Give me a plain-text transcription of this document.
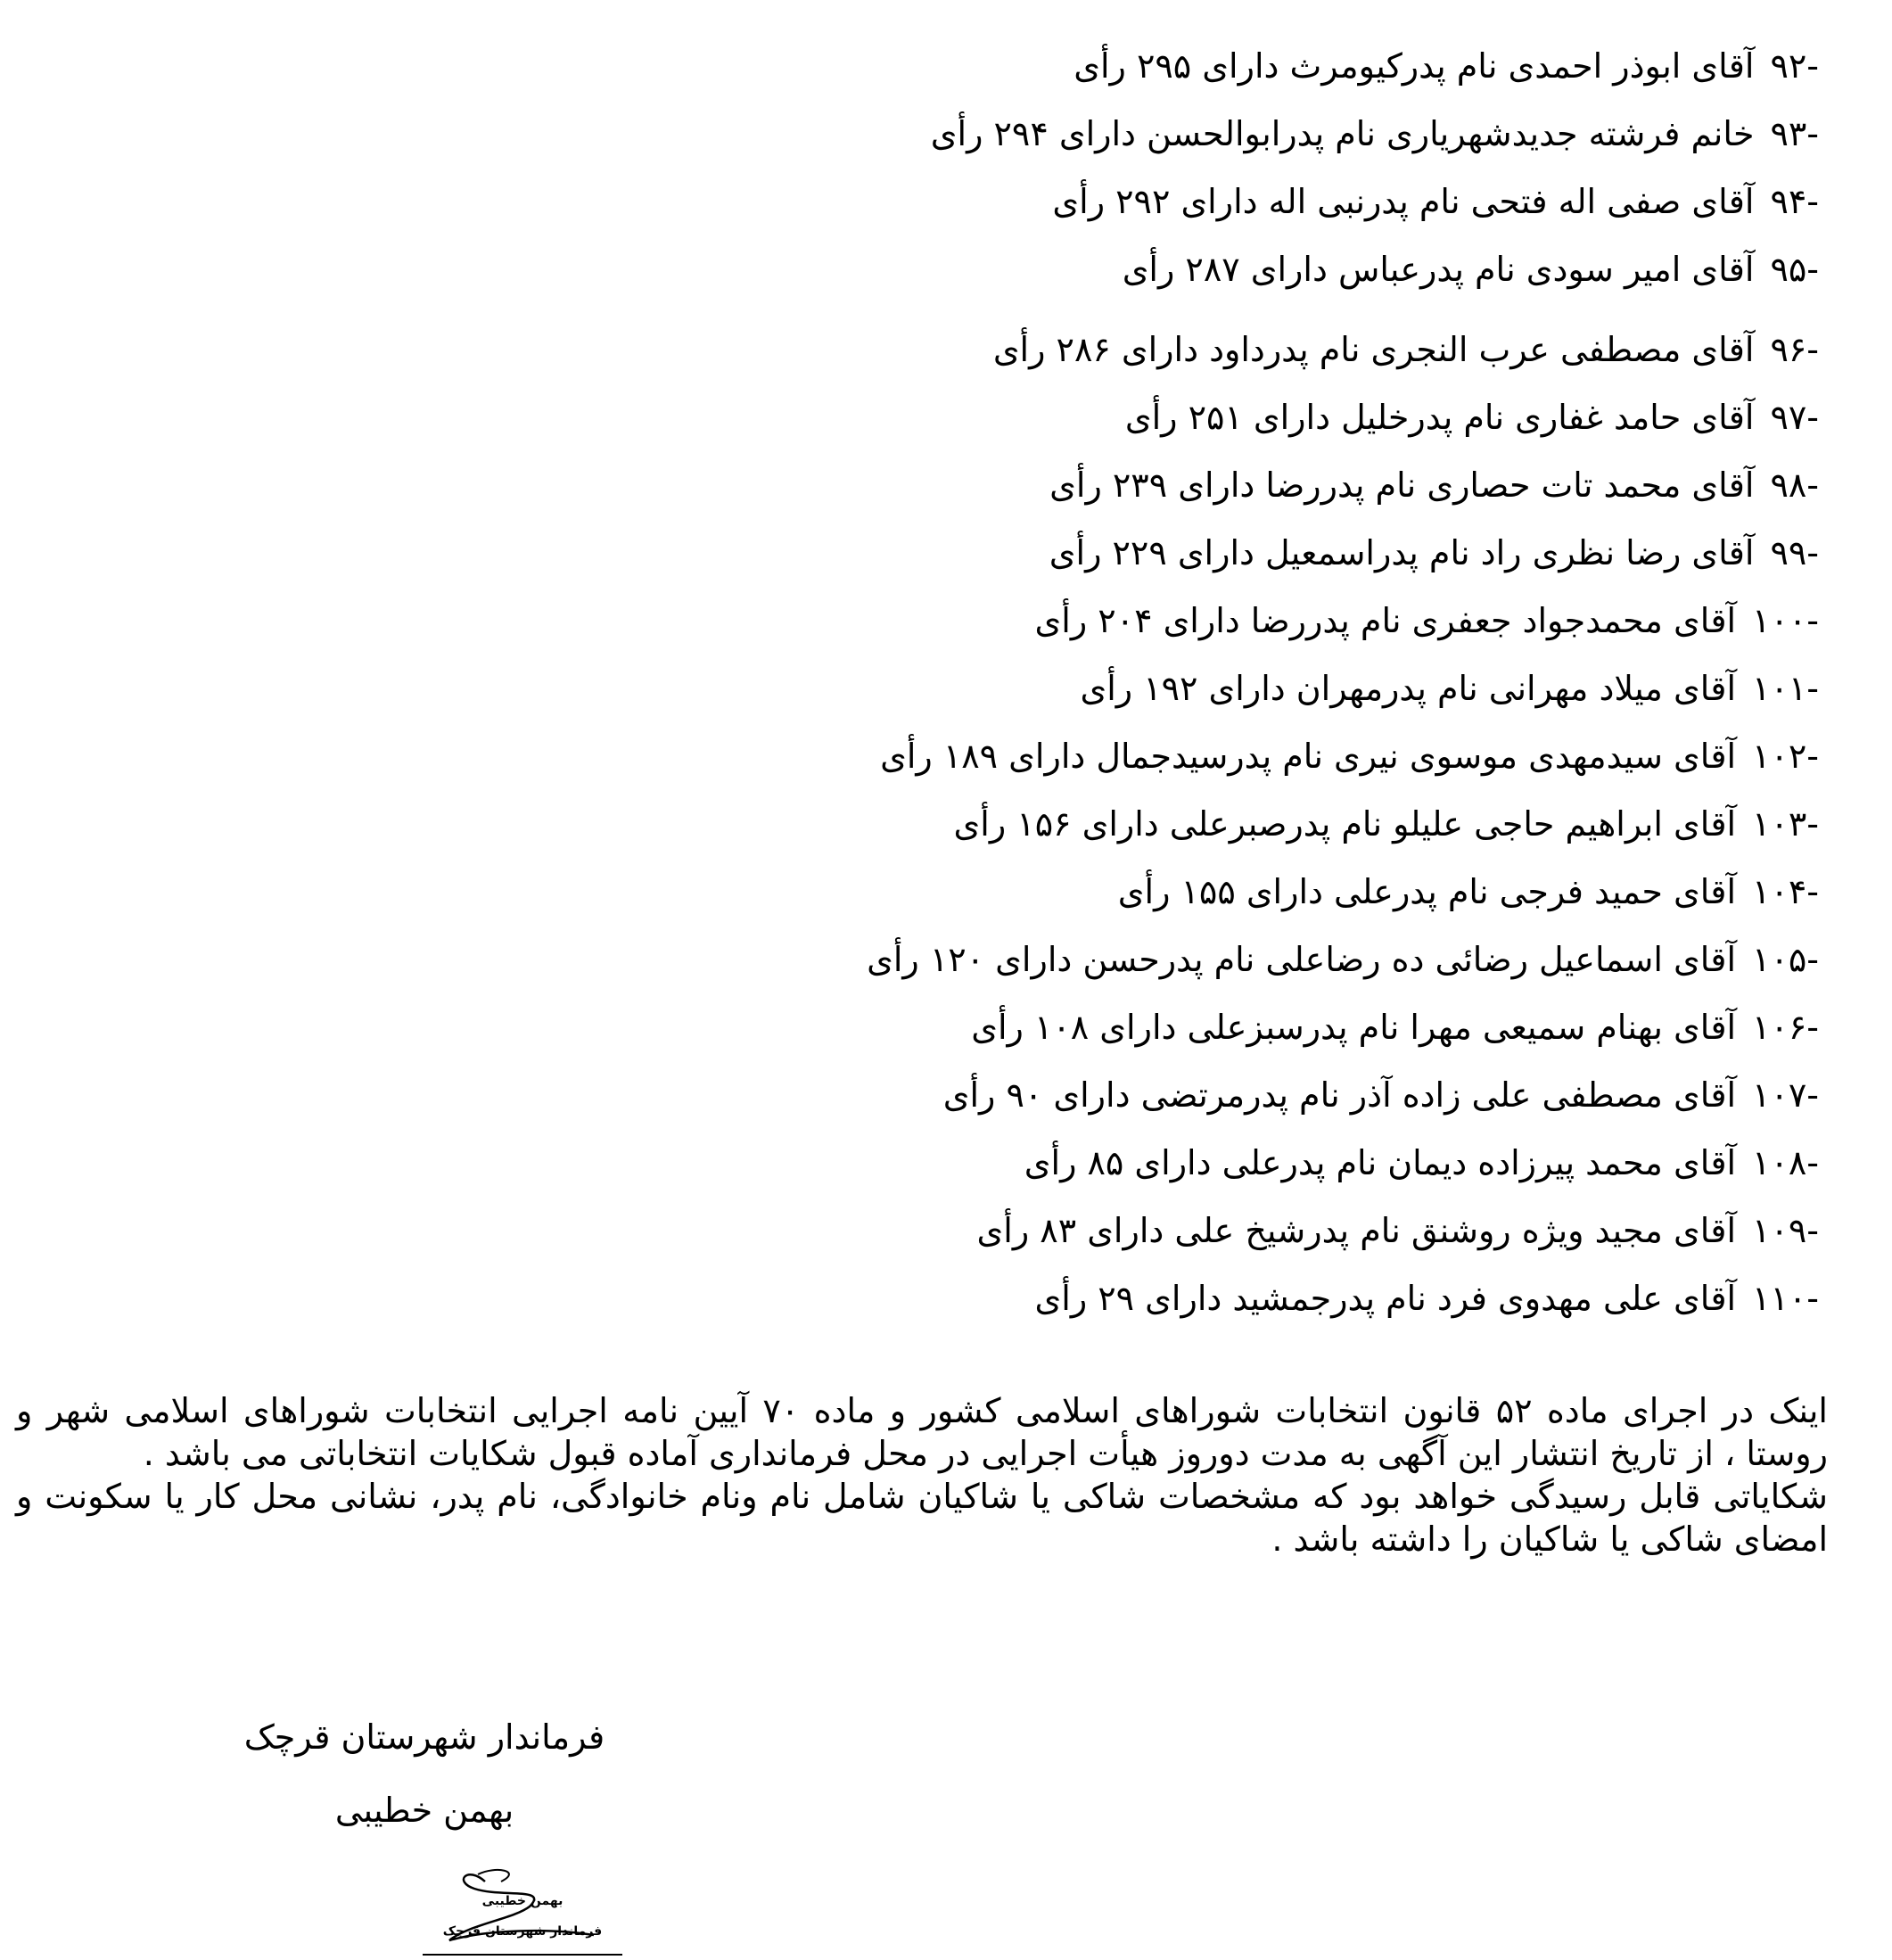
-۹۲آقای ابوذر احمدی نام پدرکیومرث دارای ۲۹۵ رأی
-۹۳خانم فرشته جدیدشهریاری نام پدرابوالحسن دارای ۲۹۴ رأی
-۹۴آقای صفی اله فتحی نام پدرنبی اله دارای ۲۹۲ رأی
-۹۵آقای امیر سودی نام پدرعباس دارای ۲۸۷ رأی
-۹۶آقای مصطفی عرب النجری نام پدرداود دارای ۲۸۶ رأی
-۹۷آقای حامد غفاری نام پدرخلیل دارای ۲۵۱ رأی
-۹۸آقای محمد تات حصاری نام پدررضا دارای ۲۳۹ رأی
-۹۹آقای رضا نظری راد نام پدراسمعیل دارای ۲۲۹ رأی
-۱۰۰آقای محمدجواد جعفری نام پدررضا دارای ۲۰۴ رأی
-۱۰۱آقای میلاد مهرانی نام پدرمهران دارای ۱۹۲ رأی
-۱۰۲آقای سیدمهدی موسوی نیری نام پدرسیدجمال دارای ۱۸۹ رأی
-۱۰۳آقای ابراهیم حاجی علیلو نام پدرصبرعلی دارای ۱۵۶ رأی
-۱۰۴آقای حمید فرجی نام پدرعلی دارای ۱۵۵ رأی
-۱۰۵آقای اسماعیل رضائی ده رضاعلی نام پدرحسن دارای ۱۲۰ رأی
-۱۰۶آقای بهنام سمیعی مهرا نام پدرسبزعلی دارای ۱۰۸ رأی
-۱۰۷آقای مصطفی علی زاده آذر نام پدرمرتضی دارای ۹۰ رأی
-۱۰۸آقای محمد پیرزاده دیمان نام پدرعلی دارای ۸۵ رأی
-۱۰۹آقای مجید ویژه روشنق نام پدرشیخ علی دارای ۸۳ رأی
-۱۱۰آقای علی مهدوی فرد نام پدرجمشید دارای ۲۹ رأی

اینک در اجرای ماده ۵۲ قانون انتخابات شوراهای اسلامی کشور و ماده ۷۰ آیین نامه اجرایی انتخابات شوراهای اسلامی شهر و روستا ، از تاریخ انتشار این آگهی به مدت دوروز هیأت اجرایی در محل فرمانداری آماده قبول شکایات انتخاباتی می باشد .

شکایاتی قابل رسیدگی خواهد بود که مشخصات شاکی یا شاکیان شامل نام ونام خانوادگی، نام پدر، نشانی محل کار یا سکونت و امضای شاکی یا شاکیان را داشته باشد .

فرماندار شهرستان قرچک
بهمن خطیبی
بهمن خطیبی
فرماندار شهرستان قرچک
